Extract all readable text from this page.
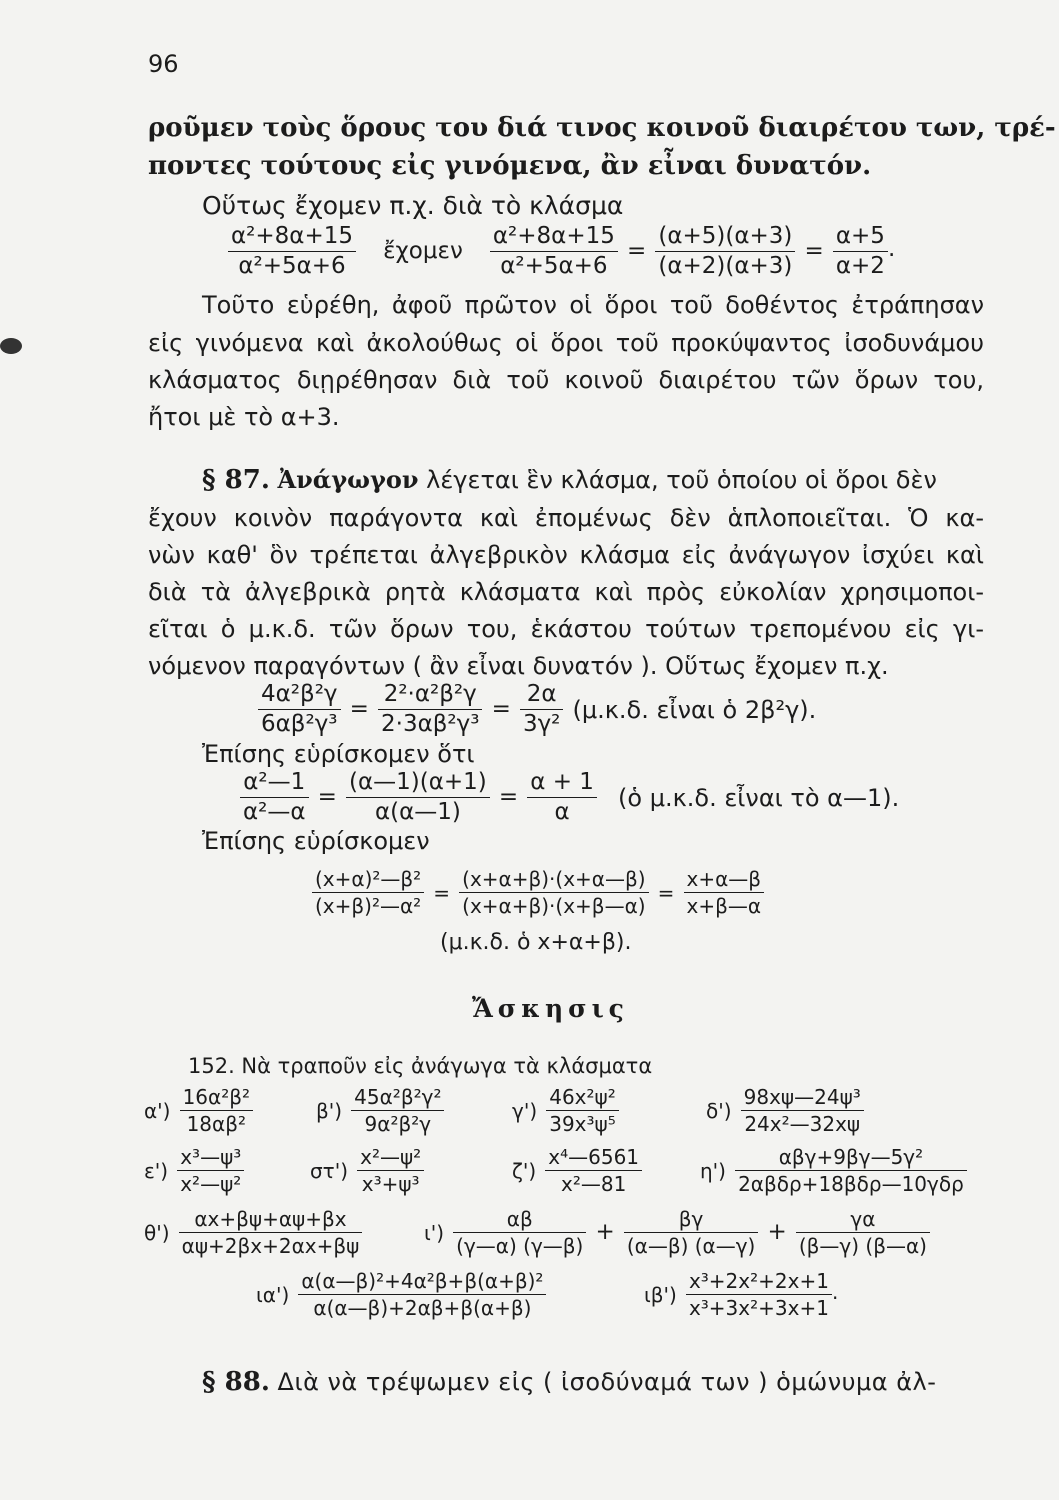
96
ροῦμεν τοὺς ὅρους του διά τινος κοινοῦ διαιρέτου των, τρέ-
ποντες τούτους εἰς γινόμενα, ἂν εἶναι δυνατόν.
Οὕτως ἔχομεν π.χ. διὰ τὸ κλάσμα
$\frac{\text{α²+8α+15}}{\text{α²+5α+6}}$ ἔχομεν $\frac{\text{α²+8α+15}}{\text{α²+5α+6}} = \frac{(\alpha+5)(\alpha+3)}{(\alpha+2)(\alpha+3)} = \frac{\alpha+5}{\alpha+2}$ .
Τοῦτο εὑρέθη, ἀφοῦ πρῶτον οἱ ὅροι τοῦ δοθέντος ἐτράπησαν
εἰς γινόμενα καὶ ἀκολούθως οἱ ὅροι τοῦ προκύψαντος ἰσοδυνάμου
κλάσματος διῃρέθησαν διὰ τοῦ κοινοῦ διαιρέτου τῶν ὅρων του,
ἤτοι μὲ τὸ α+3.
§ 87. Ἀνάγωγον λέγεται ἓν κλάσμα, τοῦ ὁποίου οἱ ὅροι δὲν
ἔχουν κοινὸν παράγοντα καὶ ἐπομένως δὲν ἁπλοποιεῖται. Ὁ κα-
νὼν καθ' ὃν τρέπεται ἀλγεβρικὸν κλάσμα εἰς ἀνάγωγον ἰσχύει καὶ
διὰ τὰ ἀλγεβρικὰ ρητὰ κλάσματα καὶ πρὸς εὐκολίαν χρησιμοποι-
εῖται ὁ μ.κ.δ. τῶν ὅρων του, ἑκάστου τούτων τρεπομένου εἰς γι-
νόμενον παραγόντων ( ἂν εἶναι δυνατόν ). Οὕτως ἔχομεν π.χ.
$\frac{\text{4α²β²γ}}{\text{6αβ²γ³}} = \frac{\text{2²·α²β²γ}}{\text{2·3αβ²γ³}} = \frac{2\alpha}{\text{3γ²}} (\mu.\kappa.\delta$. εἶναι ὁ 2β²γ).
Ἐπίσης εὑρίσκομεν ὅτι
$\frac{\text{α²—1}}{\text{α²—α}} = \frac{(\alpha—1)(\alpha+1)}{\alpha(\alpha—1)} = \frac{\alpha + 1}{\alpha}$ (ὁ μ.κ.δ. εἶναι τὸ α—1).
Ἐπίσης εὑρίσκομεν
$\frac{\text{(x+α)²—β²}}{\text{(x+β)²—α²}} = \frac{(x+\alpha+\beta)\cdot(x+\alpha—\beta)}{(x+\alpha+\beta)\cdot(x+\beta—\alpha)} = \frac{x+\alpha—\beta}{x+\beta—\alpha}$
(μ.κ.δ. ὁ x+α+β).
Ἄσκησις
152. Νὰ τραποῦν εἰς ἀνάγωγα τὰ κλάσματα
$\alpha') \frac{\text{16α²β²}}{\text{18αβ²}}$	$\beta') \frac{\text{45α²β²γ²}}{\text{9α²β²γ}}$	$\gamma') \frac{\text{46x²ψ²}}{\text{39x³ψ⁵}}$	$\delta') \frac{\text{98xψ—24ψ³}}{\text{24x²—32xψ}}$
$\varepsilon') \frac{\text{x³—ψ³}}{\text{x²—ψ²}}$	$\sigma\tau') \frac{\text{x²—ψ²}}{\text{x³+ψ³}}$	$\zeta') \frac{\text{x⁴—6561}}{\text{x²—81}}$	$\eta') \frac{\text{αβγ+9βγ—5γ²}}{\text{2αβδρ+18βδρ—10γδρ}}$
$\theta') \frac{\alpha x+\beta\psi+\alpha\psi+\beta x}{\alpha\psi+2\beta x+2\alpha x+\beta\psi}$	$\iota') \frac{\alpha\beta}{(\gamma—\alpha) (\gamma—\beta)} + \frac{\beta\gamma}{(\alpha—\beta) (\alpha—\gamma)} + \frac{\gamma\alpha}{(\beta—\gamma) (\beta—\alpha)}$
$\iota\alpha') \frac{\text{α(α—β)²+4α²β+β(α+β)²}}{\alpha(\alpha—\beta)+2\alpha\beta+\beta(\alpha+\beta)}$	$\iota\beta') \frac{\text{x³+2x²+2x+1}}{\text{x³+3x²+3x+1}}$ .
§ 88. Διὰ νὰ τρέψωμεν εἰς ( ἰσοδύναμά των ) ὁμώνυμα ἀλ-
